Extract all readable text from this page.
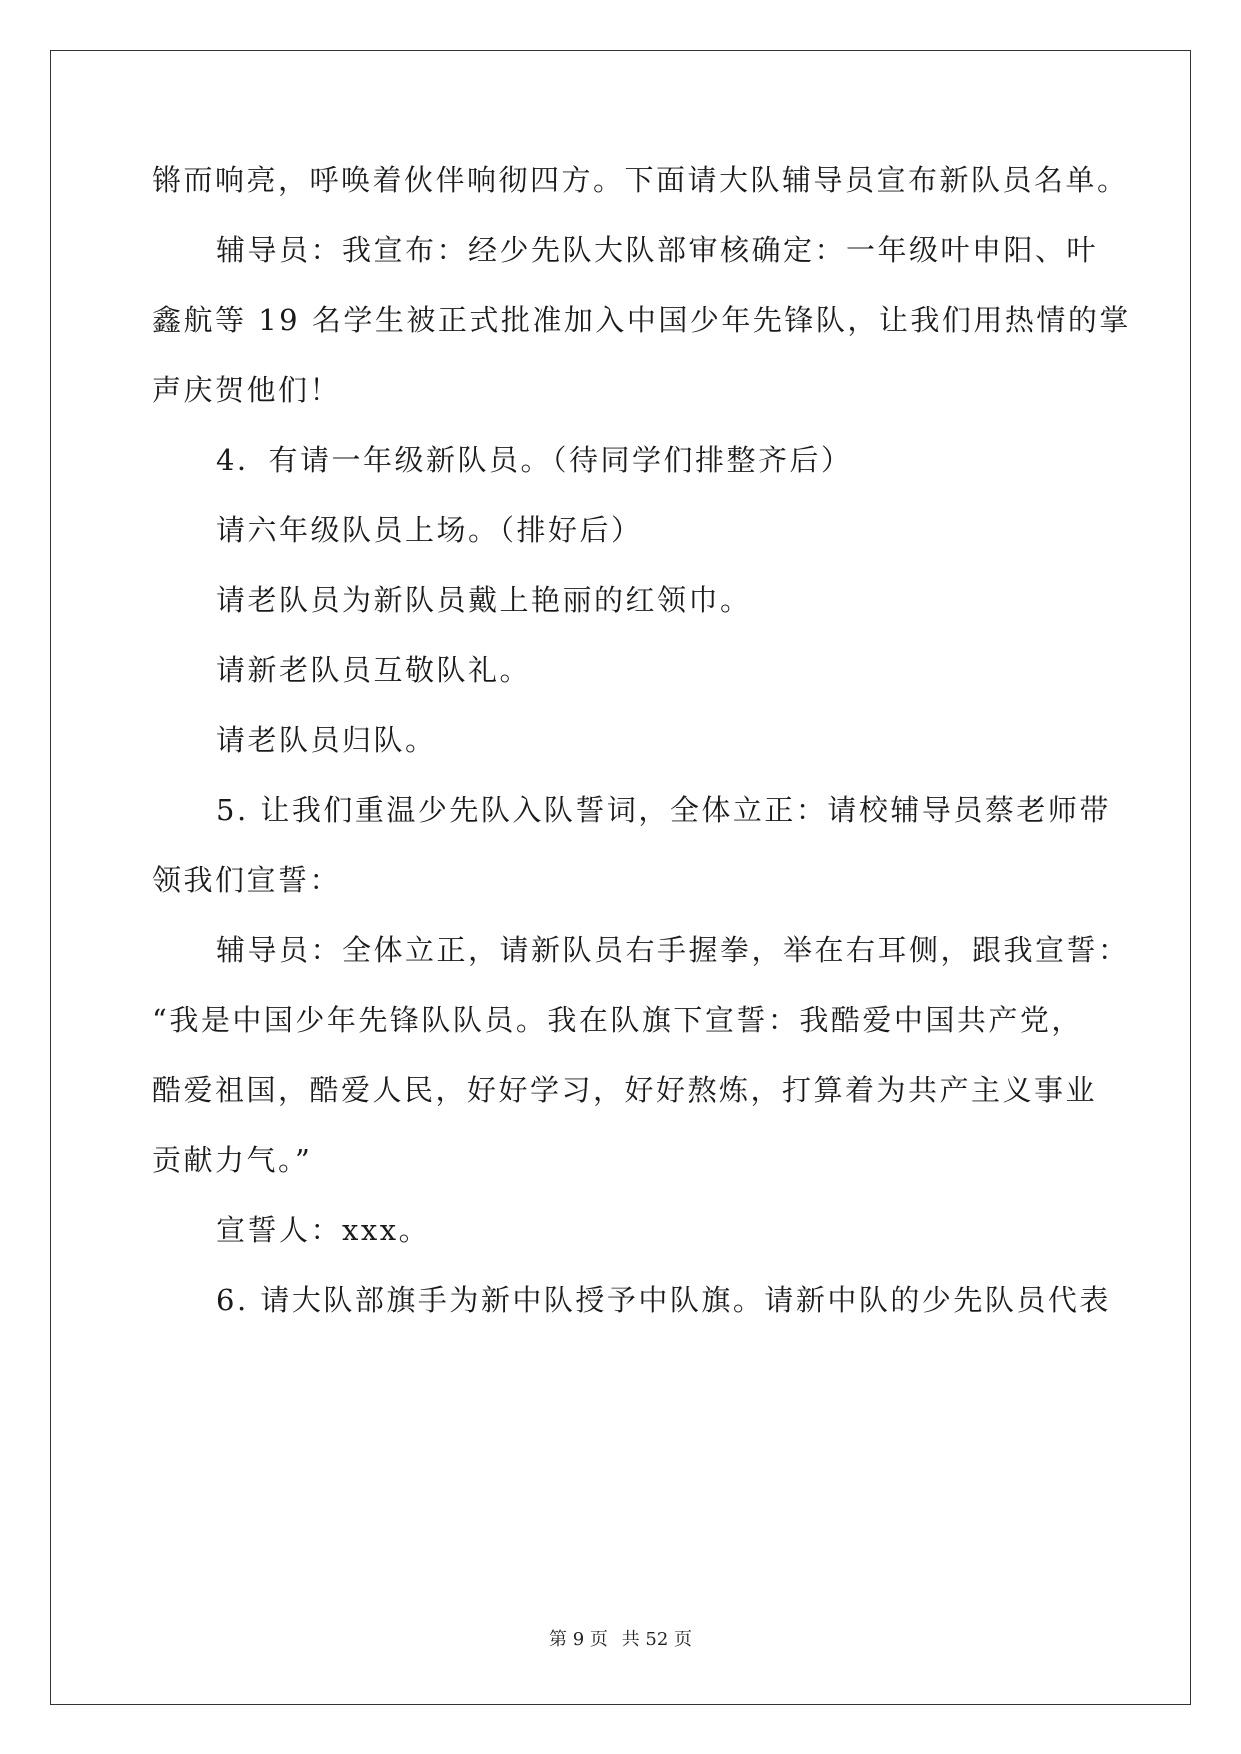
锵而响亮，呼唤着伙伴响彻四方。下面请大队辅导员宣布新队员名单。
辅导员：我宣布：经少先队大队部审核确定：一年级叶申阳、叶
鑫航等 19 名学生被正式批准加入中国少年先锋队，让我们用热情的掌
声庆贺他们！
4．有请一年级新队员。（待同学们排整齐后）
请六年级队员上场。（排好后）
请老队员为新队员戴上艳丽的红领巾。
请新老队员互敬队礼。
请老队员归队。
5. 让我们重温少先队入队誓词，全体立正：请校辅导员蔡老师带
领我们宣誓：
辅导员：全体立正，请新队员右手握拳，举在右耳侧，跟我宣誓：
“我是中国少年先锋队队员。我在队旗下宣誓：我酷爱中国共产党，
酷爱祖国，酷爱人民，好好学习，好好熬炼，打算着为共产主义事业
贡献力气。”
宣誓人：xxx。
6. 请大队部旗手为新中队授予中队旗。请新中队的少先队员代表
第 9 页 共 52 页
